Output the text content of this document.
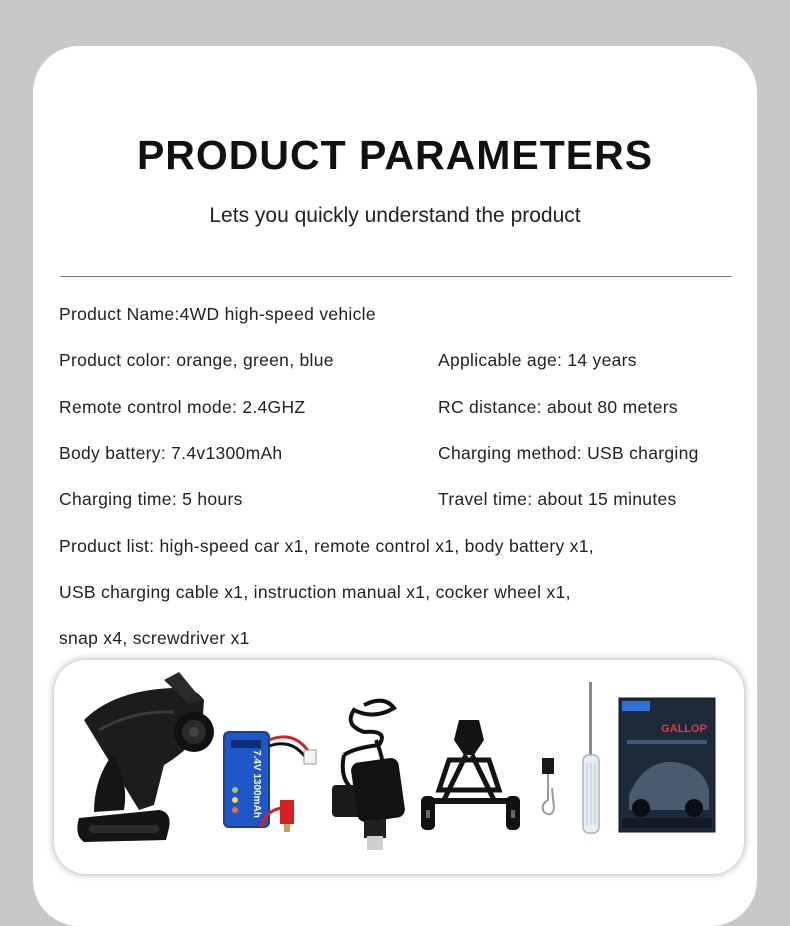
PRODUCT PARAMETERS
Lets you quickly understand the product
Product Name:4WD high-speed vehicle
Product color: orange, green, blue	Applicable age: 14 years
Remote control mode: 2.4GHZ	RC distance: about 80 meters
Body battery: 7.4v1300mAh	Charging method: USB charging
Charging time: 5 hours	Travel time: about 15 minutes
Product list: high-speed car x1, remote control x1, body battery x1,
USB charging cable x1, instruction manual x1, cocker wheel x1,
snap x4, screwdriver x1
7.4V 1300mAh
GALLOP
